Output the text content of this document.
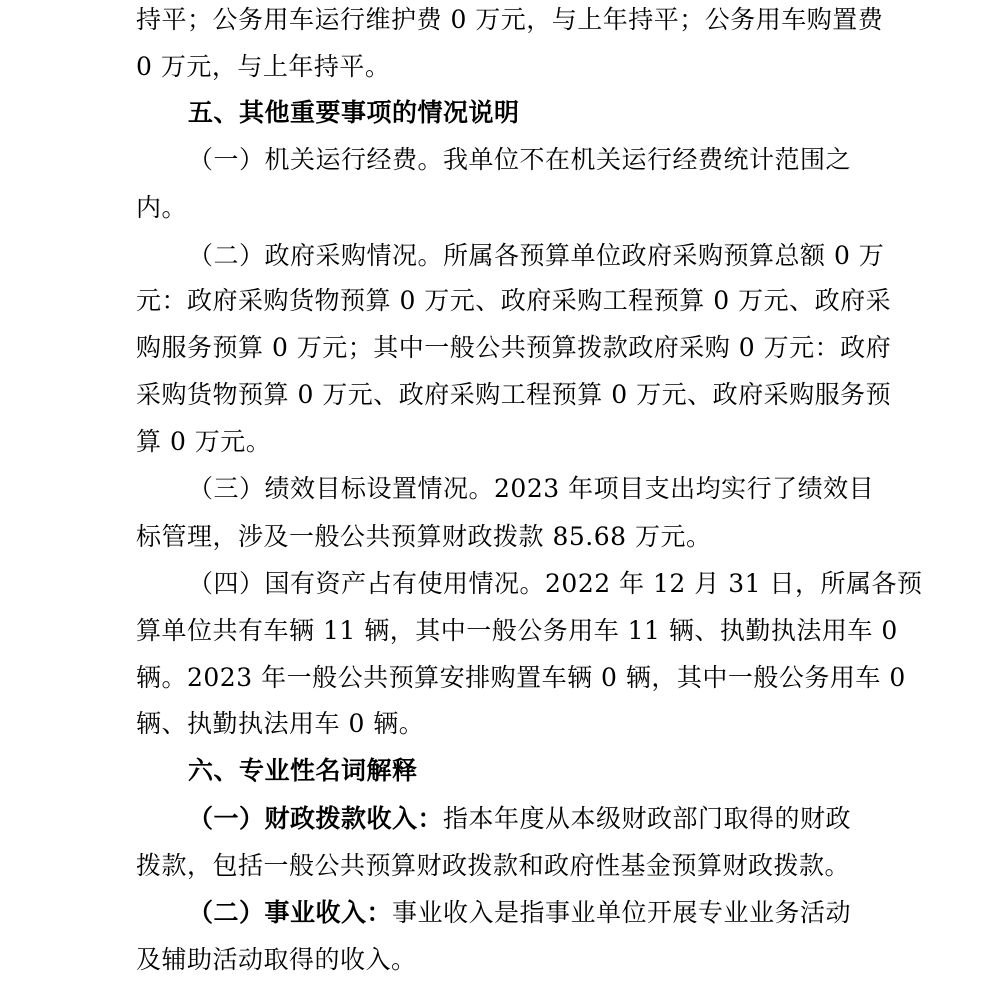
持平；公务用车运行维护费 0 万元，与上年持平；公务用车购置费
0 万元，与上年持平。
五、其他重要事项的情况说明
（一）机关运行经费。我单位不在机关运行经费统计范围之
内。
（二）政府采购情况。所属各预算单位政府采购预算总额 0 万
元：政府采购货物预算 0 万元、政府采购工程预算 0 万元、政府采
购服务预算 0 万元；其中一般公共预算拨款政府采购 0 万元：政府
采购货物预算 0 万元、政府采购工程预算 0 万元、政府采购服务预
算 0 万元。
（三）绩效目标设置情况。2023 年项目支出均实行了绩效目
标管理，涉及一般公共预算财政拨款 85.68 万元。
（四）国有资产占有使用情况。2022 年 12 月 31 日，所属各预
算单位共有车辆 11 辆，其中一般公务用车 11 辆、执勤执法用车 0
辆。2023 年一般公共预算安排购置车辆 0 辆，其中一般公务用车 0
辆、执勤执法用车 0 辆。
六、专业性名词解释
（一）财政拨款收入：指本年度从本级财政部门取得的财政
拨款，包括一般公共预算财政拨款和政府性基金预算财政拨款。
（二）事业收入：事业收入是指事业单位开展专业业务活动
及辅助活动取得的收入。
